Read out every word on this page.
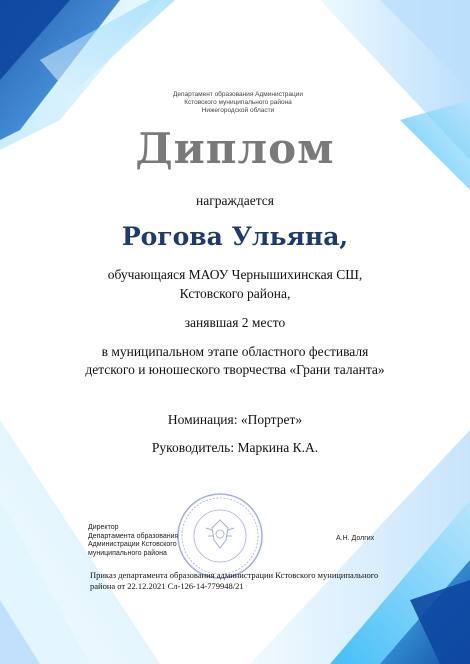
Департамент образования Администрации
Кстовского муниципального района
Нижегородской области

Диплом

награждается

Рогова Ульяна,

обучающаяся МАОУ Чернышихинская СШ,

Кстовского района,

занявшая 2 место

в муниципальном этапе областного фестиваля

детского и юношеского творчества «Грани таланта»

Номинация: «Портрет»

Руководитель: Маркина К.А.

Директор
Департамента образования
Администрации Кстовского
муниципального района
А.Н. Долгих
Приказ департамента образования администрации Кстовского муниципального
района от 22.12.2021 Сл-126-14-779948/21
